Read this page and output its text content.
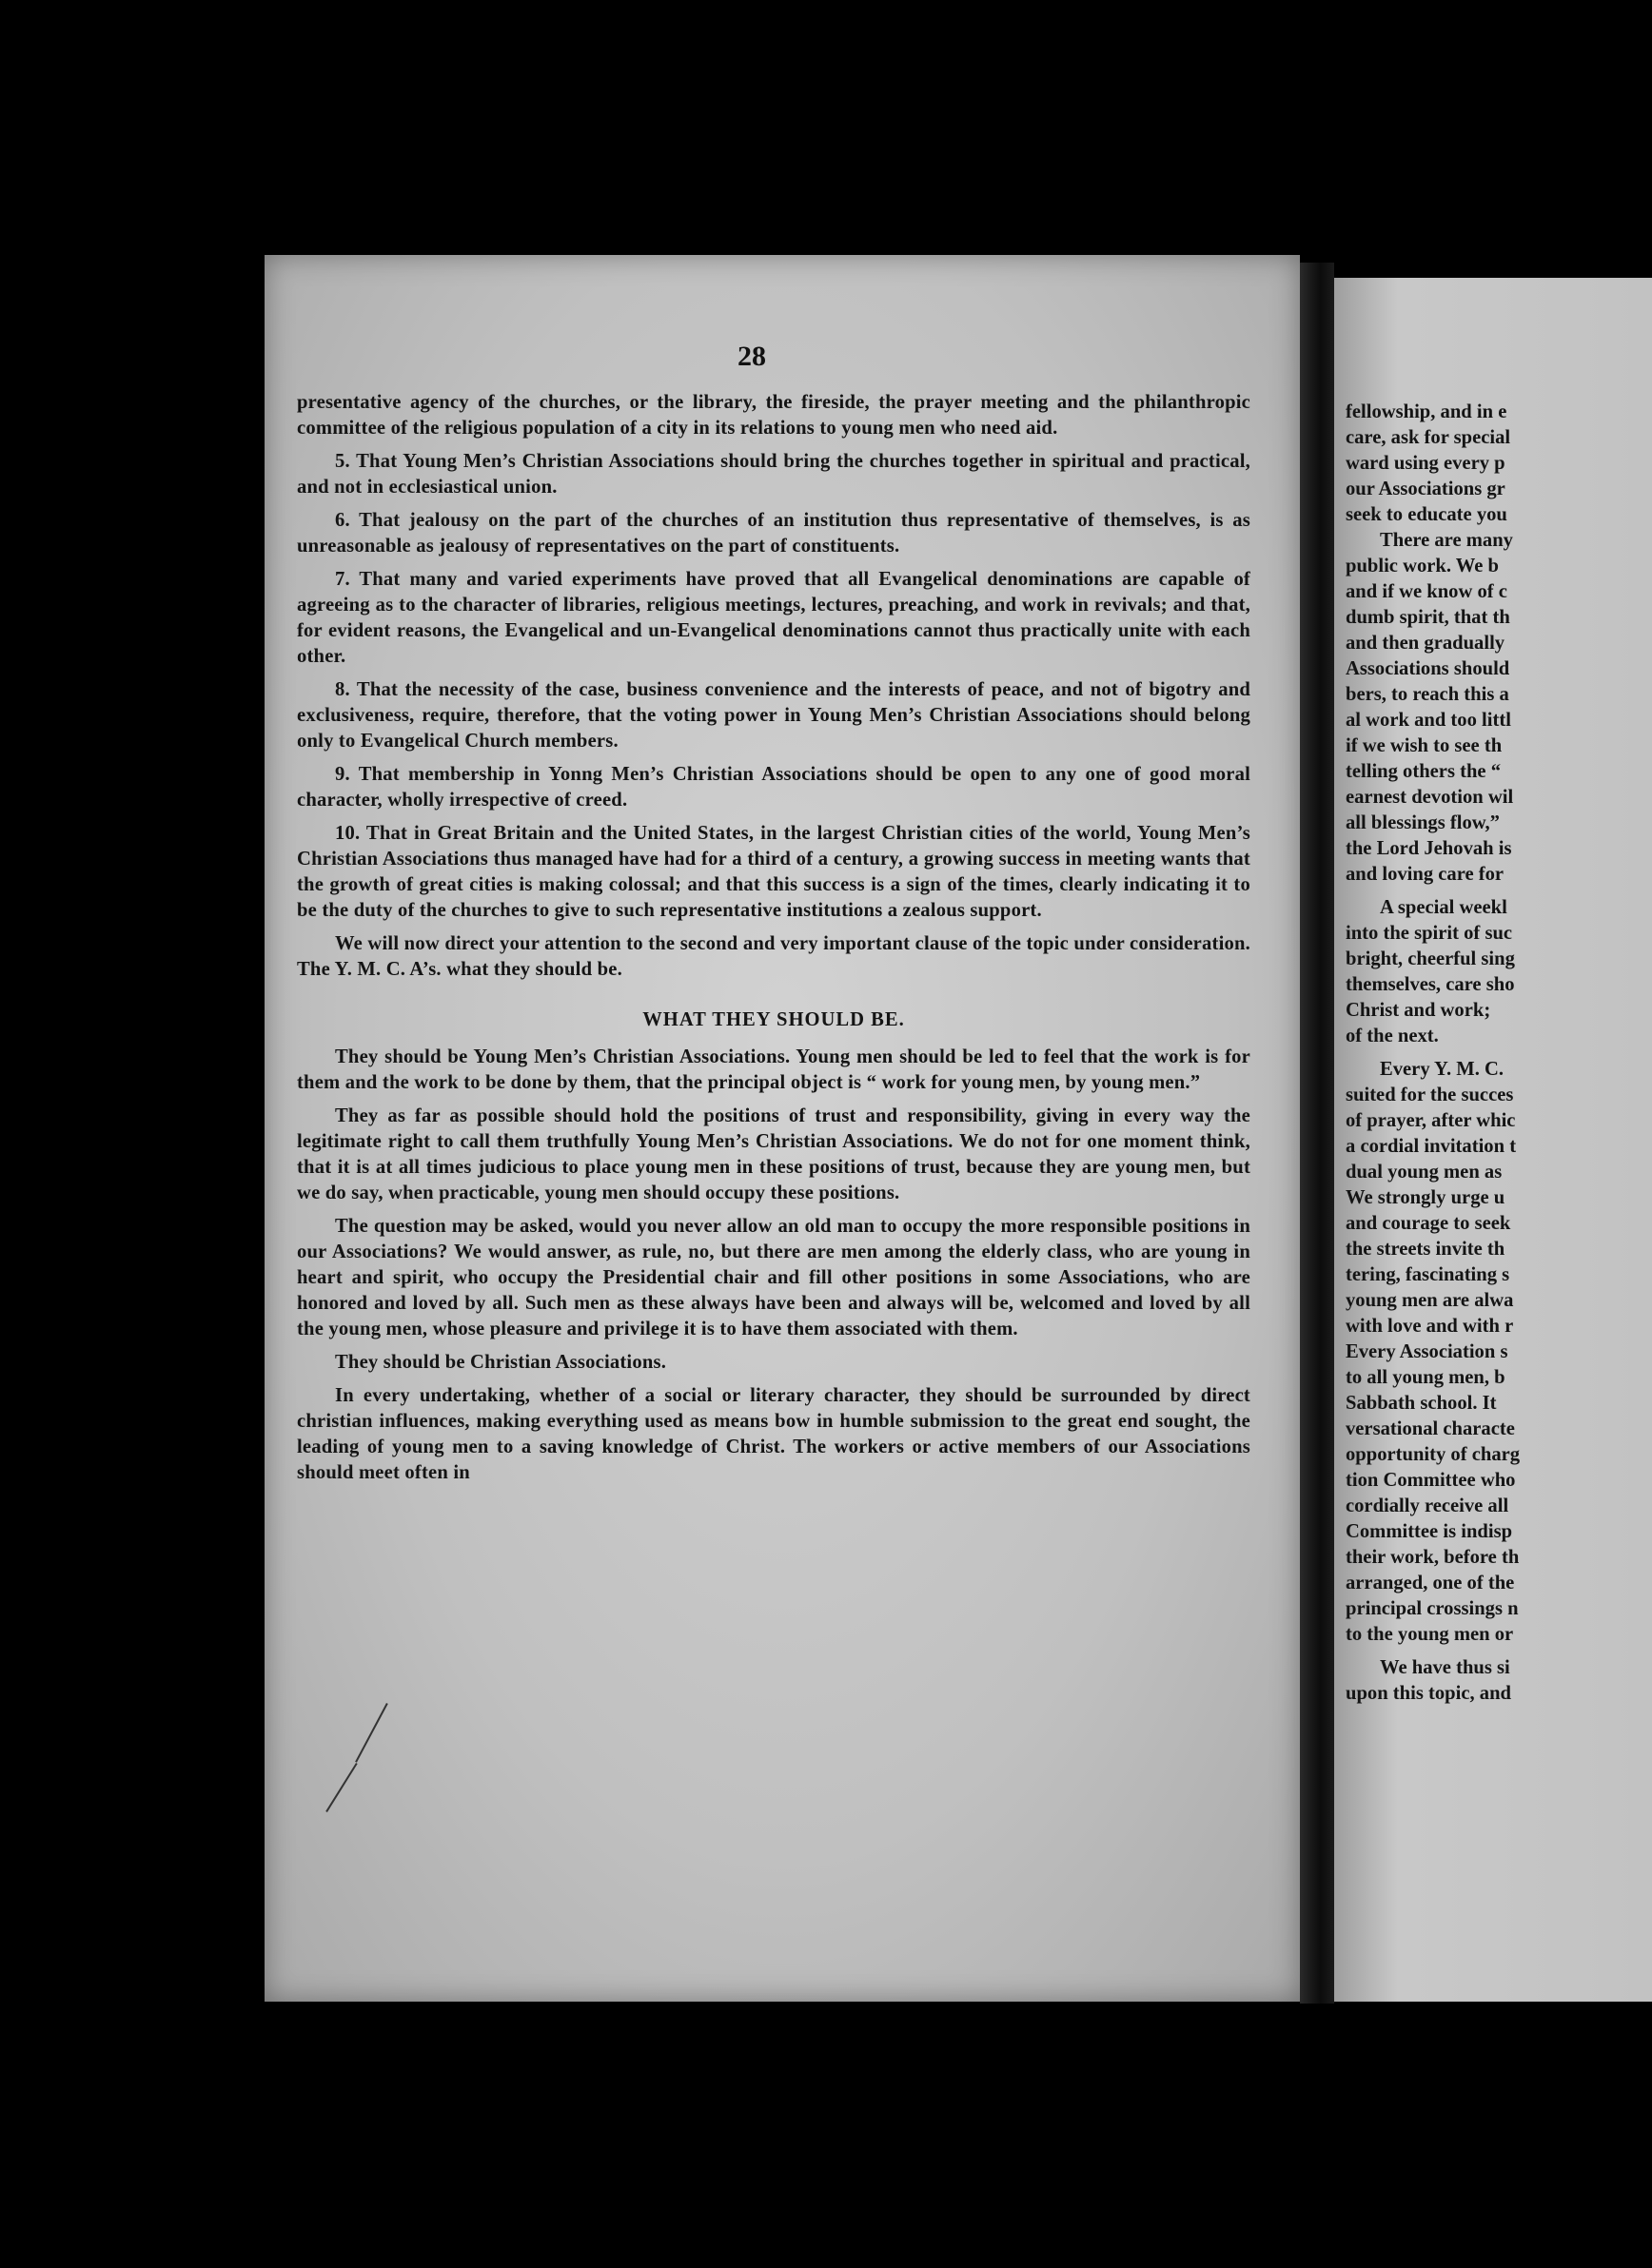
28

presentative agency of the churches, or the library, the fireside, the prayer meeting and the philanthropic committee of the religious population of a city in its relations to young men who need aid.

5. That Young Men’s Christian Associations should bring the churches together in spiritual and practical, and not in ecclesiastical union.

6. That jealousy on the part of the churches of an institution thus representative of themselves, is as unreasonable as jealousy of representatives on the part of constituents.

7. That many and varied experiments have proved that all Evangelical denominations are capable of agreeing as to the character of libraries, religious meetings, lectures, preaching, and work in revivals; and that, for evident reasons, the Evangelical and un-Evangelical denominations cannot thus practically unite with each other.

8. That the necessity of the case, business convenience and the interests of peace, and not of bigotry and exclusiveness, require, therefore, that the voting power in Young Men’s Christian Associations should belong only to Evangelical Church members.

9. That membership in Yonng Men’s Christian Associations should be open to any one of good moral character, wholly irrespective of creed.

10. That in Great Britain and the United States, in the largest Christian cities of the world, Young Men’s Christian Associations thus managed have had for a third of a century, a growing success in meeting wants that the growth of great cities is making colossal; and that this success is a sign of the times, clearly indicating it to be the duty of the churches to give to such representative institutions a zealous support.

We will now direct your attention to the second and very important clause of the topic under consideration. The Y. M. C. A’s. what they should be.

WHAT THEY SHOULD BE.

They should be Young Men’s Christian Associations. Young men should be led to feel that the work is for them and the work to be done by them, that the principal object is “ work for young men, by young men.”

They as far as possible should hold the positions of trust and responsibility, giving in every way the legitimate right to call them truthfully Young Men’s Christian Associations. We do not for one moment think, that it is at all times judicious to place young men in these positions of trust, because they are young men, but we do say, when practicable, young men should occupy these positions.

The question may be asked, would you never allow an old man to occupy the more responsible positions in our Associations? We would answer, as rule, no, but there are men among the elderly class, who are young in heart and spirit, who occupy the Presidential chair and fill other positions in some Associations, who are honored and loved by all. Such men as these always have been and always will be, welcomed and loved by all the young men, whose pleasure and privilege it is to have them associated with them.

They should be Christian Associations.

In every undertaking, whether of a social or literary character, they should be surrounded by direct christian influences, making everything used as means bow in humble submission to the great end sought, the leading of young men to a saving knowledge of Christ. The workers or active members of our Associations should meet often in

fellowship, and in e
care, ask for special
ward using every p
our Associations gr
seek to educate you
There are many
public work. We b
and if we know of c
dumb spirit, that th
and then gradually
Associations should
bers, to reach this a
al work and too littl
if we wish to see th
telling others the “
earnest devotion wil
all blessings flow,”
the Lord Jehovah is
and loving care for
A special weekl
into the spirit of suc
bright, cheerful sing
themselves, care sho
Christ and work;
of the next.
Every Y. M. C.
suited for the succes
of prayer, after whic
a cordial invitation t
dual young men as
We strongly urge u
and courage to seek
the streets invite th
tering, fascinating s
young men are alwa
with love and with r
Every Association s
to all young men, b
Sabbath school. It
versational characte
opportunity of charg
tion Committee who
cordially receive all
Committee is indisp
their work, before th
arranged, one of the
principal crossings n
to the young men or
We have thus si
upon this topic, and
